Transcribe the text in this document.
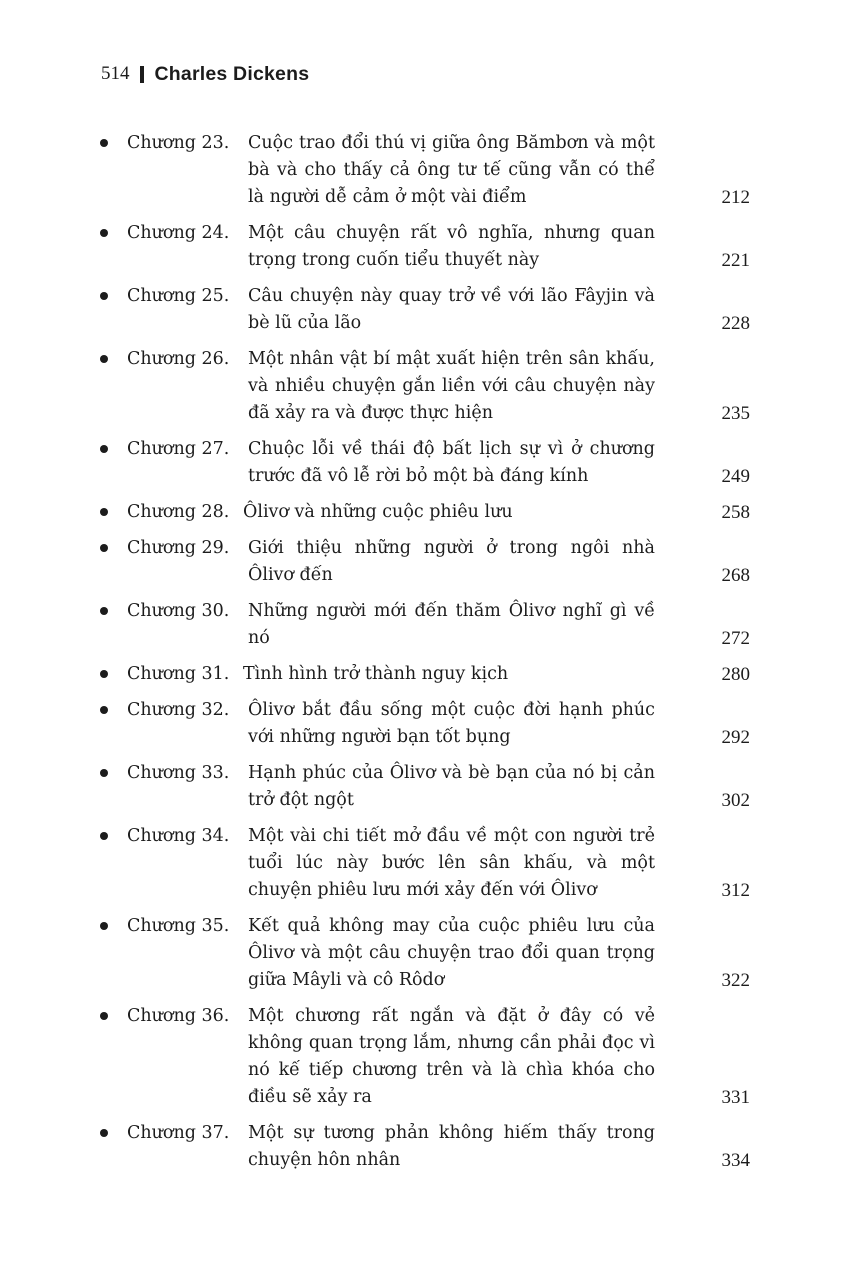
514 Charles Dickens
Chương 23. Cuộc trao đổi thú vị giữa ông Bămbơn và một bà và cho thấy cả ông tư tế cũng vẫn có thể là người dễ cảm ở một vài điểm	212
Chương 24. Một câu chuyện rất vô nghĩa, nhưng quan trọng trong cuốn tiểu thuyết này	221
Chương 25. Câu chuyện này quay trở về với lão Fâyjin và bè lũ của lão	228
Chương 26. Một nhân vật bí mật xuất hiện trên sân khấu, và nhiều chuyện gắn liền với câu chuyện này đã xảy ra và được thực hiện	235
Chương 27. Chuộc lỗi về thái độ bất lịch sự vì ở chương trước đã vô lễ rời bỏ một bà đáng kính	249
Chương 28. Ôlivơ và những cuộc phiêu lưu	258
Chương 29. Giới thiệu những người ở trong ngôi nhà Ôlivơ đến	268
Chương 30. Những người mới đến thăm Ôlivơ nghĩ gì về nó	272
Chương 31. Tình hình trở thành nguy kịch	280
Chương 32. Ôlivơ bắt đầu sống một cuộc đời hạnh phúc với những người bạn tốt bụng	292
Chương 33. Hạnh phúc của Ôlivơ và bè bạn của nó bị cản trở đột ngột	302
Chương 34. Một vài chi tiết mở đầu về một con người trẻ tuổi lúc này bước lên sân khấu, và một chuyện phiêu lưu mới xảy đến với Ôlivơ	312
Chương 35. Kết quả không may của cuộc phiêu lưu của Ôlivơ và một câu chuyện trao đổi quan trọng giữa Mâyli và cô Rôdơ	322
Chương 36. Một chương rất ngắn và đặt ở đây có vẻ không quan trọng lắm, nhưng cần phải đọc vì nó kế tiếp chương trên và là chìa khóa cho điều sẽ xảy ra	331
Chương 37. Một sự tương phản không hiếm thấy trong chuyện hôn nhân	334
